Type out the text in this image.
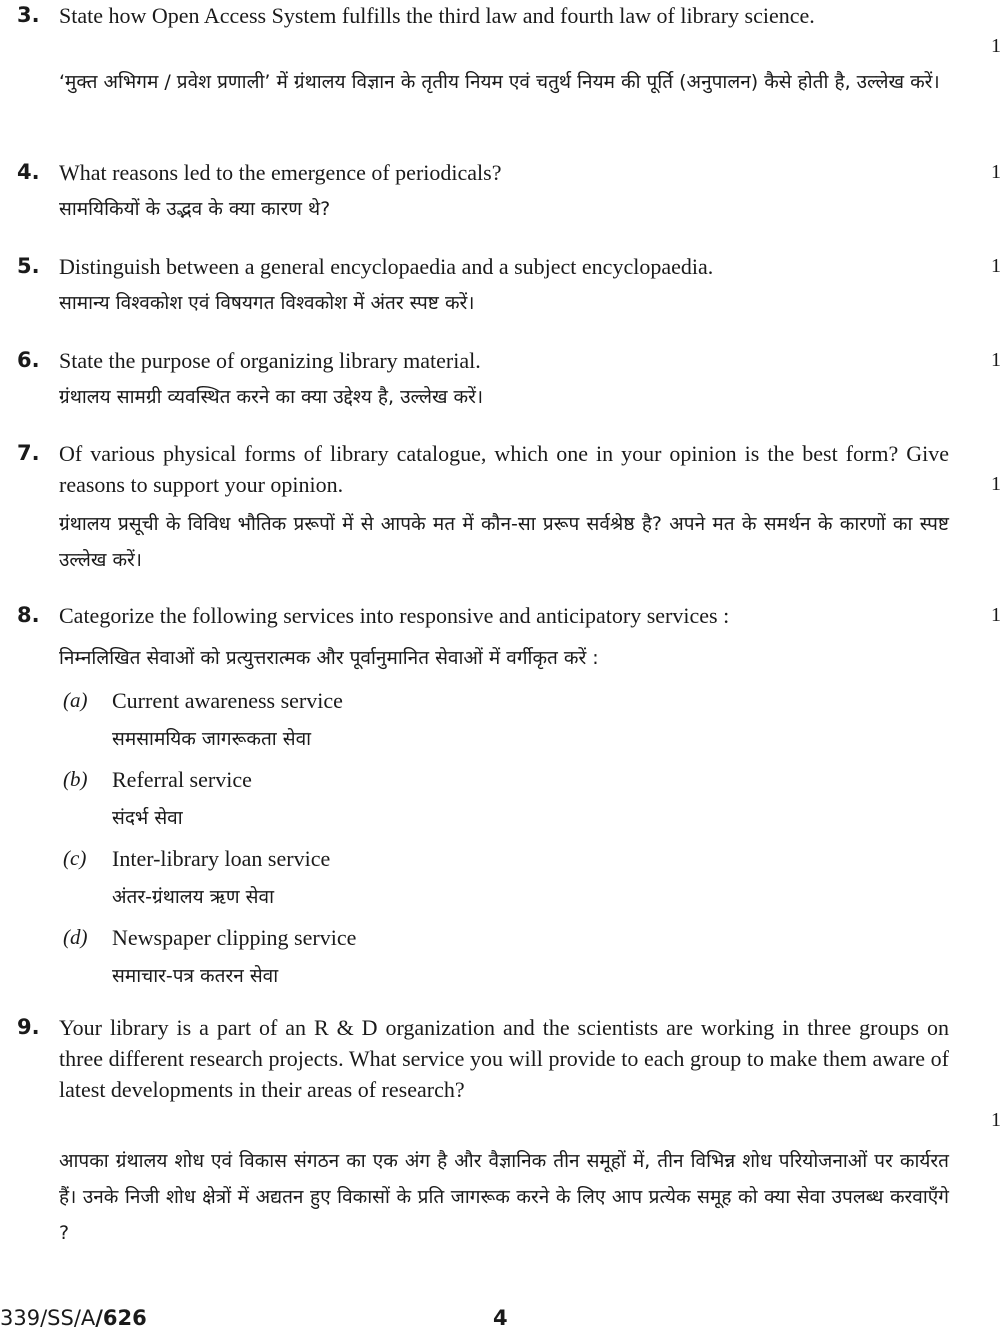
3. State how Open Access System fulfills the third law and fourth law of library science.
1
‘मुक्त अभिगम / प्रवेश प्रणाली’ में ग्रंथालय विज्ञान के तृतीय नियम एवं चतुर्थ नियम की पूर्ति (अनुपालन) कैसे होती है, उल्लेख करें।
4. What reasons led to the emergence of periodicals?	1
सामयिकियों के उद्भव के क्या कारण थे?
5. Distinguish between a general encyclopaedia and a subject encyclopaedia.	1
सामान्य विश्वकोश एवं विषयगत विश्वकोश में अंतर स्पष्ट करें।
6. State the purpose of organizing library material.	1
ग्रंथालय सामग्री व्यवस्थित करने का क्या उद्देश्य है, उल्लेख करें।
7. Of various physical forms of library catalogue, which one in your opinion is the best form? Give reasons to support your opinion.	1
ग्रंथालय प्रसूची के विविध भौतिक प्ररूपों में से आपके मत में कौन-सा प्ररूप सर्वश्रेष्ठ है? अपने मत के समर्थन के कारणों का स्पष्ट उल्लेख करें।
8. Categorize the following services into responsive and anticipatory services :	1
निम्नलिखित सेवाओं को प्रत्युत्तरात्मक और पूर्वानुमानित सेवाओं में वर्गीकृत करें :
(a) Current awareness service
समसामयिक जागरूकता सेवा
(b) Referral service
संदर्भ सेवा
(c) Inter-library loan service
अंतर-ग्रंथालय ऋण सेवा
(d) Newspaper clipping service
समाचार-पत्र कतरन सेवा
9. Your library is a part of an R & D organization and the scientists are working in three groups on three different research projects. What service you will provide to each group to make them aware of latest developments in their areas of research?
1
आपका ग्रंथालय शोध एवं विकास संगठन का एक अंग है और वैज्ञानिक तीन समूहों में, तीन विभिन्न शोध परियोजनाओं पर कार्यरत हैं। उनके निजी शोध क्षेत्रों में अद्यतन हुए विकासों के प्रति जागरूक करने के लिए आप प्रत्येक समूह को क्या सेवा उपलब्ध करवाएँगे ?
339/SS/A/626	4
